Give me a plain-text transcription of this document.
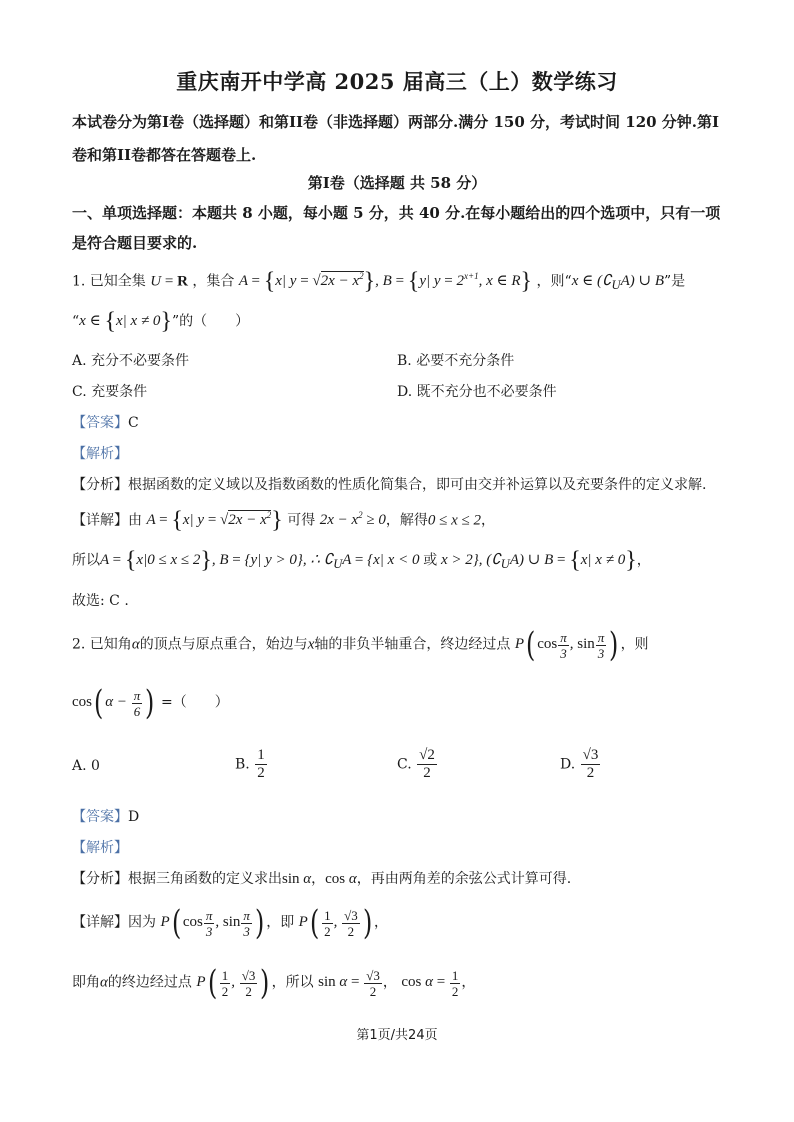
重庆南开中学高 2025 届高三（上）数学练习
本试卷分为第I卷（选择题）和第II卷（非选择题）两部分.满分 150 分，考试时间 120 分钟.第I卷和第II卷都答在答题卷上.
第I卷（选择题 共 58 分）
一、单项选择题：本题共 8 小题，每小题 5 分，共 40 分.在每小题给出的四个选项中，只有一项是符合题目要求的.
1. 已知全集 U = R ，集合 A = {x| $y = √2x - x^2$}, B = {y| $y = 2^{x+1}$, x ∈ R} ，则“x ∈ $(∁_UA)$ ∪ B”是
“x ∈ {x| x ≠ 0}”的（　　）
A. 充分不必要条件	B. 必要不充分条件
C. 充要条件	D. 既不充分也不必要条件
【答案】C
【解析】
【分析】根据函数的定义域以及指数函数的性质化简集合，即可由交并补运算以及充要条件的定义求解.
【详解】由 A = {x| $y = √2x - x^2$} 可得 $2x - x^2 \ge 0$，解得0 ≤ x ≤ 2，
所以A = {x|0 ≤ x ≤ 2}, B = {y| y > 0}, ∴ $∁_UA = \{x|$ x < 0 或 x > 2}, $(∁_UA)$ ∪ B = {x| x ≠ 0}，
故选: C .
2. 已知角α的顶点与原点重合，始边与x轴的非负半轴重合，终边经过点 P( $\cos \frac{\pi}{3}$ , $\sin \frac{\pi}{3}$ ) ，则
cos( $\alpha - \frac{\pi}{6}$ ) =（　　）
A. 0	B. $\frac{1}{2}$	C. $\frac{√2}{2}$	D. $\frac{√3}{2}$
【答案】D
【解析】
【分析】根据三角函数的定义求出sin α，cos α，再由两角差的余弦公式计算可得.
【详解】因为 P( $\cos \frac{\pi}{3}$ , $\sin \frac{\pi}{3}$ ) ，即 $P( \frac{1}{2}$ , $\frac{√3}{2}$ ) ，
即角α的终边经过点 $P( \frac{1}{2}$ , $\frac{√3}{2}$ ) ，所以 $\sin \alpha = \frac{√3}{2}$ ， $\cos \alpha = \frac{1}{2}$ ，
第1页/共24页
